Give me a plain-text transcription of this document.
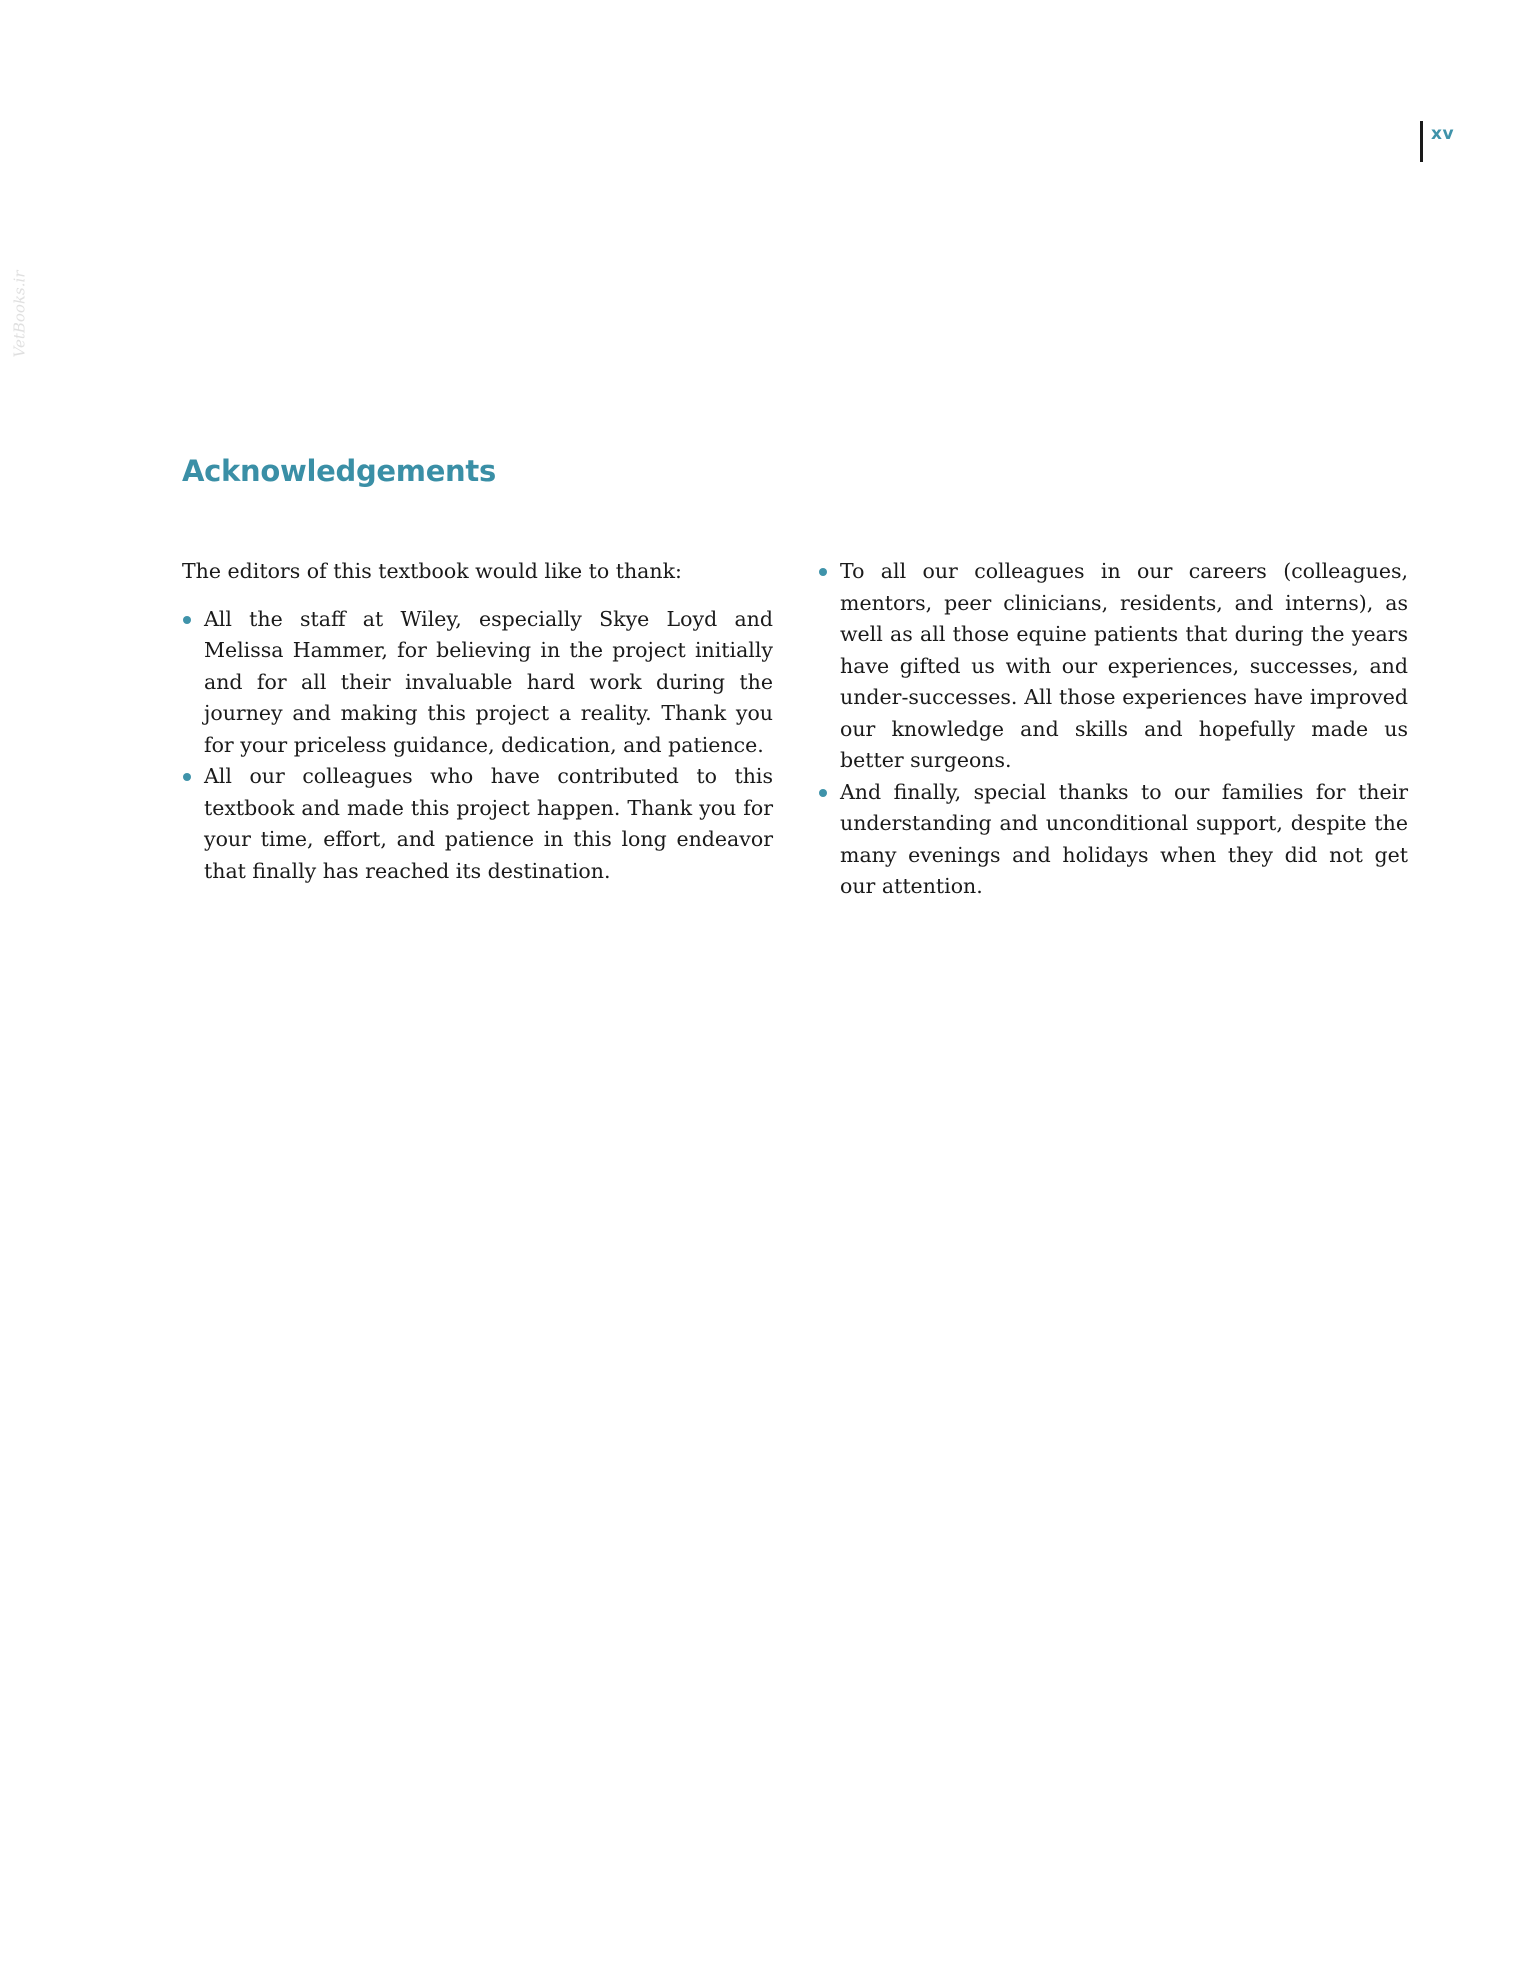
xv
VetBooks.ir
Acknowledgements

The editors of this textbook would like to thank:

All the staff at Wiley, especially Skye Loyd and Melissa Hammer, for believing in the project initially and for all their invaluable hard work during the journey and making this project a reality. Thank you for your priceless guidance, dedication, and patience.
All our colleagues who have contributed to this textbook and made this project happen. Thank you for your time, effort, and patience in this long endeavor that finally has reached its destination.
To all our colleagues in our careers (colleagues, mentors, peer clinicians, residents, and interns), as well as all those equine patients that during the years have gifted us with our experiences, successes, and under-successes. All those experiences have improved our knowledge and skills and hopefully made us better surgeons.
And finally, special thanks to our families for their understanding and unconditional support, despite the many evenings and holidays when they did not get our attention.
